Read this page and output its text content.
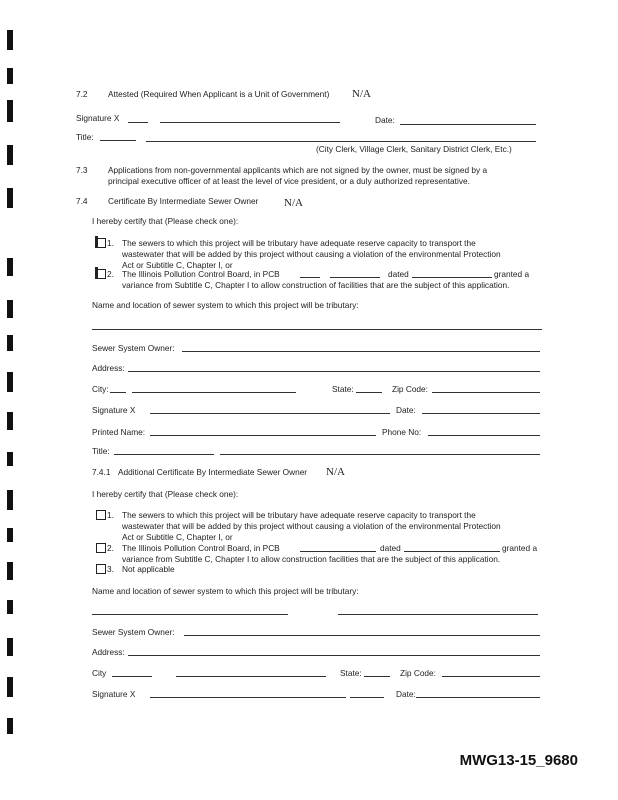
7.2 Attested (Required When Applicant is a Unit of Government) N/A
Signature X	Date:
Title:
(City Clerk, Village Clerk, Sanitary District Clerk, Etc.)
7.3 Applications from non-governmental applicants which are not signed by the owner, must be signed by a
principal executive officer of at least the level of vice president, or a duly authorized representative.
7.4 Certificate By Intermediate Sewer Owner N/A
I hereby certify that (Please check one):
1. The sewers to which this project will be tributary have adequate reserve capacity to transport the
wastewater that will be added by this project without causing a violation of the environmental Protection
Act or Subtitle C, Chapter I, or
2. The Illinois Pollution Control Board, in PCB	dated	granted a
variance from Subtitle C, Chapter I to allow construction of facilities that are the subject of this application.
Name and location of sewer system to which this project will be tributary:
Sewer System Owner:
Address:
City:	State:	Zip Code:
Signature X	Date:
Printed Name:	Phone No:
Title:
7.4.1 Additional Certificate By Intermediate Sewer Owner N/A
I hereby certify that (Please check one):
1. The sewers to which this project will be tributary have adequate reserve capacity to transport the
wastewater that will be added by this project without causing a violation of the environmental Protection
Act or Subtitle C, Chapter I, or
2. The Illinois Pollution Control Board, in PCB	dated	granted a
variance from Subtitle C, Chapter I to allow construction facilities that are the subject of this application.
3. Not applicable
Name and location of sewer system to which this project will be tributary:
Sewer System Owner:
Address:
City	State:	Zip Code:
Signature X	Date:
MWG13-15_9680
